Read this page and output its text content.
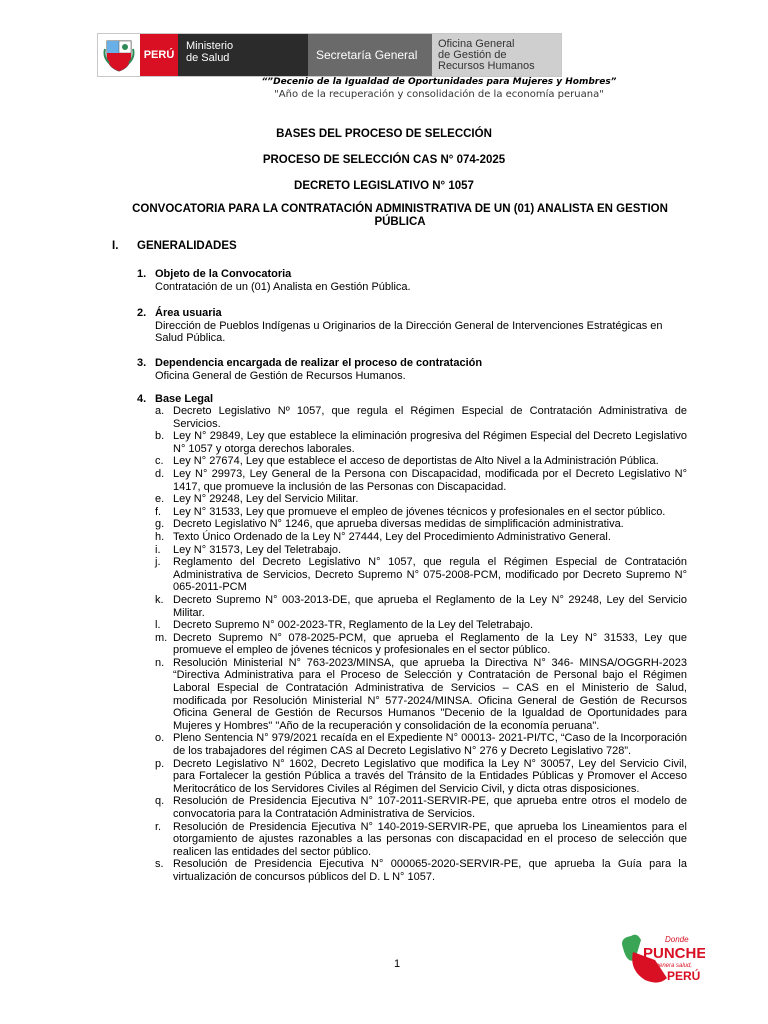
PERÚ
Ministerio
de Salud	Secretaría General
Oficina General
de Gestión de
Recursos Humanos
“”Decenio de la Igualdad de Oportunidades para Mujeres y Hombres”
"Año de la recuperación y consolidación de la economía peruana"
BASES DEL PROCESO DE SELECCIÓN
PROCESO DE SELECCIÓN CAS N° 074-2025
DECRETO LEGISLATIVO N° 1057
CONVOCATORIA PARA LA CONTRATACIÓN ADMINISTRATIVA DE UN (01) ANALISTA EN GESTION PÚBLICA
I. GENERALIDADES
1. Objeto de la Convocatoria
Contratación de un (01) Analista en Gestión Pública.
2. Área usuaria
Dirección de Pueblos Indígenas u Originarios de la Dirección General de Intervenciones Estratégicas en Salud Pública.
3. Dependencia encargada de realizar el proceso de contratación
Oficina General de Gestión de Recursos Humanos.
4. Base Legal
a. Decreto Legislativo Nº 1057, que regula el Régimen Especial de Contratación Administrativa de Servicios.
b. Ley N° 29849, Ley que establece la eliminación progresiva del Régimen Especial del Decreto Legislativo N° 1057 y otorga derechos laborales.
c. Ley N° 27674, Ley que establece el acceso de deportistas de Alto Nivel a la Administración Pública.
d. Ley N° 29973, Ley General de la Persona con Discapacidad, modificada por el Decreto Legislativo N° 1417, que promueve la inclusión de las Personas con Discapacidad.
e. Ley N° 29248, Ley del Servicio Militar.
f.	Ley N° 31533, Ley que promueve el empleo de jóvenes técnicos y profesionales en el sector público.
g. Decreto Legislativo N° 1246, que aprueba diversas medidas de simplificación administrativa.
h. Texto Único Ordenado de la Ley N° 27444, Ley del Procedimiento Administrativo General.
i.	Ley N° 31573, Ley del Teletrabajo.
j.	Reglamento del Decreto Legislativo N° 1057, que regula el Régimen Especial de Contratación Administrativa de Servicios, Decreto Supremo N° 075-2008-PCM, modificado por Decreto Supremo N° 065-2011-PCM
k. Decreto Supremo N° 003-2013-DE, que aprueba el Reglamento de la Ley N° 29248, Ley del Servicio Militar.
l.	Decreto Supremo N° 002-2023-TR, Reglamento de la Ley del Teletrabajo.
m. Decreto Supremo N° 078-2025-PCM, que aprueba el Reglamento de la Ley N° 31533, Ley que promueve el empleo de jóvenes técnicos y profesionales en el sector público.
n. Resolución Ministerial N° 763-2023/MINSA, que aprueba la Directiva N° 346- MINSA/OGGRH-2023 “Directiva Administrativa para el Proceso de Selección y Contratación de Personal bajo el Régimen Laboral Especial de Contratación Administrativa de Servicios – CAS en el Ministerio de Salud, modificada por Resolución Ministerial N° 577-2024/MINSA. Oficina General de Gestión de Recursos Oficina General de Gestión de Recursos Humanos "Decenio de la Igualdad de Oportunidades para Mujeres y Hombres" "Año de la recuperación y consolidación de la economía peruana".
o. Pleno Sentencia N° 979/2021 recaída en el Expediente N° 00013- 2021-PI/TC, “Caso de la Incorporación de los trabajadores del régimen CAS al Decreto Legislativo N° 276 y Decreto Legislativo 728”.
p. Decreto Legislativo N° 1602, Decreto Legislativo que modifica la Ley N° 30057, Ley del Servicio Civil, para Fortalecer la gestión Pública a través del Tránsito de la Entidades Públicas y Promover el Acceso Meritocrático de los Servidores Civiles al Régimen del Servicio Civil, y dicta otras disposiciones.
q. Resolución de Presidencia Ejecutiva N° 107-2011-SERVIR-PE, que aprueba entre otros el modelo de convocatoria para la Contratación Administrativa de Servicios.
r.	Resolución de Presidencia Ejecutiva N° 140-2019-SERVIR-PE, que aprueba los Lineamientos para el otorgamiento de ajustes razonables a las personas con discapacidad en el proceso de selección que realicen las entidades del sector público.
s. Resolución de Presidencia Ejecutiva N° 000065-2020-SERVIR-PE, que aprueba la Guía para la virtualización de concursos públicos del D. L N° 1057.
1
Donde
PUNCHE
y genera salud,
PERÚ
